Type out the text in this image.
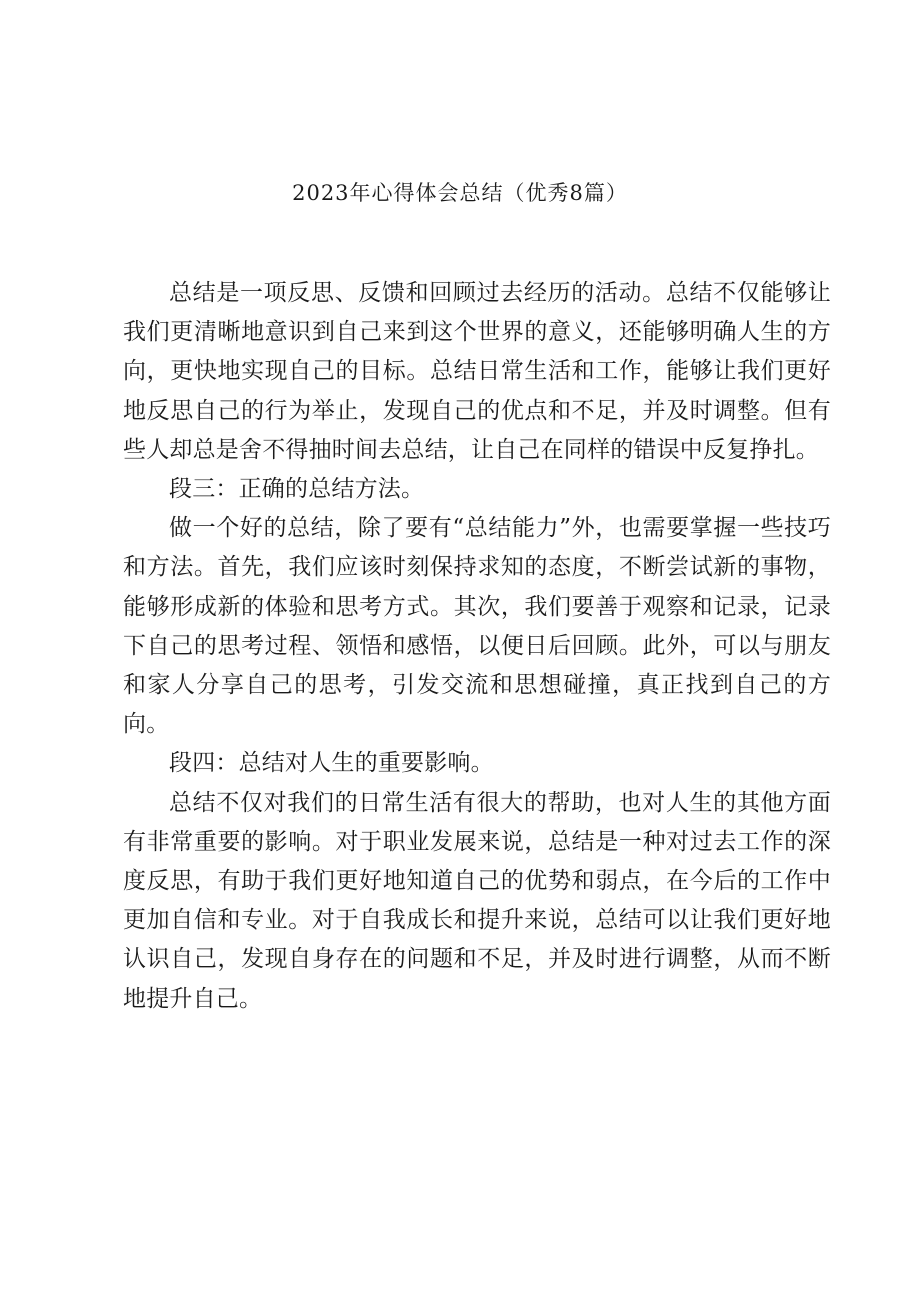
2023年心得体会总结（优秀8篇）

总结是一项反思、反馈和回顾过去经历的活动。总结不仅能够让我们更清晰地意识到自己来到这个世界的意义，还能够明确人生的方向，更快地实现自己的目标。总结日常生活和工作，能够让我们更好地反思自己的行为举止，发现自己的优点和不足，并及时调整。但有些人却总是舍不得抽时间去总结，让自己在同样的错误中反复挣扎。

段三：正确的总结方法。

做一个好的总结，除了要有“总结能力”外，也需要掌握一些技巧和方法。首先，我们应该时刻保持求知的态度，不断尝试新的事物，能够形成新的体验和思考方式。其次，我们要善于观察和记录，记录下自己的思考过程、领悟和感悟，以便日后回顾。此外，可以与朋友和家人分享自己的思考，引发交流和思想碰撞，真正找到自己的方向。

段四：总结对人生的重要影响。

总结不仅对我们的日常生活有很大的帮助，也对人生的其他方面有非常重要的影响。对于职业发展来说，总结是一种对过去工作的深度反思，有助于我们更好地知道自己的优势和弱点，在今后的工作中更加自信和专业。对于自我成长和提升来说，总结可以让我们更好地认识自己，发现自身存在的问题和不足，并及时进行调整，从而不断地提升自己。
